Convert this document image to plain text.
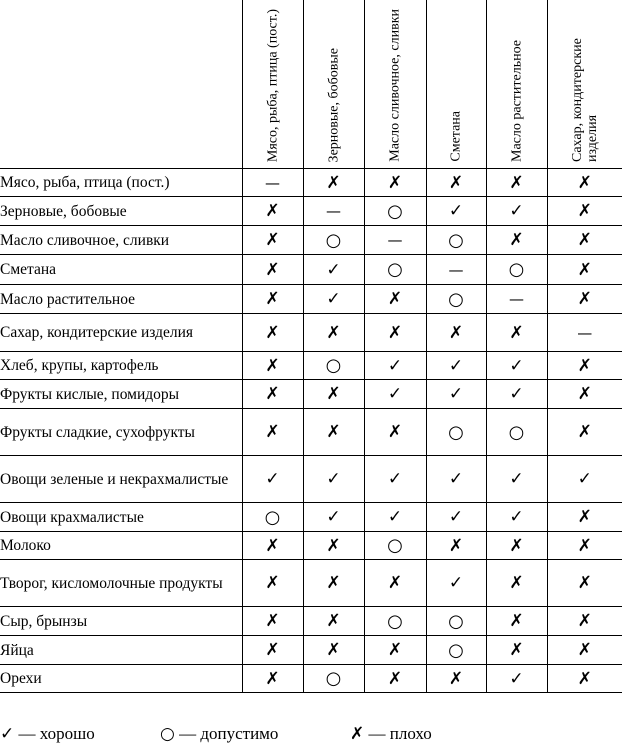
	Мясо, рыба, птица (пост.)	Зерновые, бобовые	Масло сливочное, сливки	Сметана	Масло растительное	Сахар, кондитерские изделия

Мясо, рыба, птица (пост.)	—	✗	✗	✗	✗	✗
Зерновые, бобовые	✗	—	○	✓	✓	✗
Масло сливочное, сливки	✗	○	—	○	✗	✗
Сметана	✗	✓	○	—	○	✗
Масло растительное	✗	✓	✗	○	—	✗
Сахар, кондитерские изделия	✗	✗	✗	✗	✗	—
Хлеб, крупы, картофель	✗	○	✓	✓	✓	✗
Фрукты кислые, помидоры	✗	✗	✓	✓	✓	✗
Фрукты сладкие, сухофрукты	✗	✗	✗	○	○	✗
Овощи зеленые и некрахмалистые	✓	✓	✓	✓	✓	✓
Овощи крахмалистые	○	✓	✓	✓	✓	✗
Молоко	✗	✗	○	✗	✗	✗
Творог, кисломолочные продукты	✗	✗	✗	✓	✗	✗
Сыр, брынзы	✗	✗	○	○	✗	✗
Яйца	✗	✗	✗	○	✗	✗
Орехи	✗	○	✗	✗	✓	✗
✓ — хорошо	○ — допустимо	✗ — плохо
